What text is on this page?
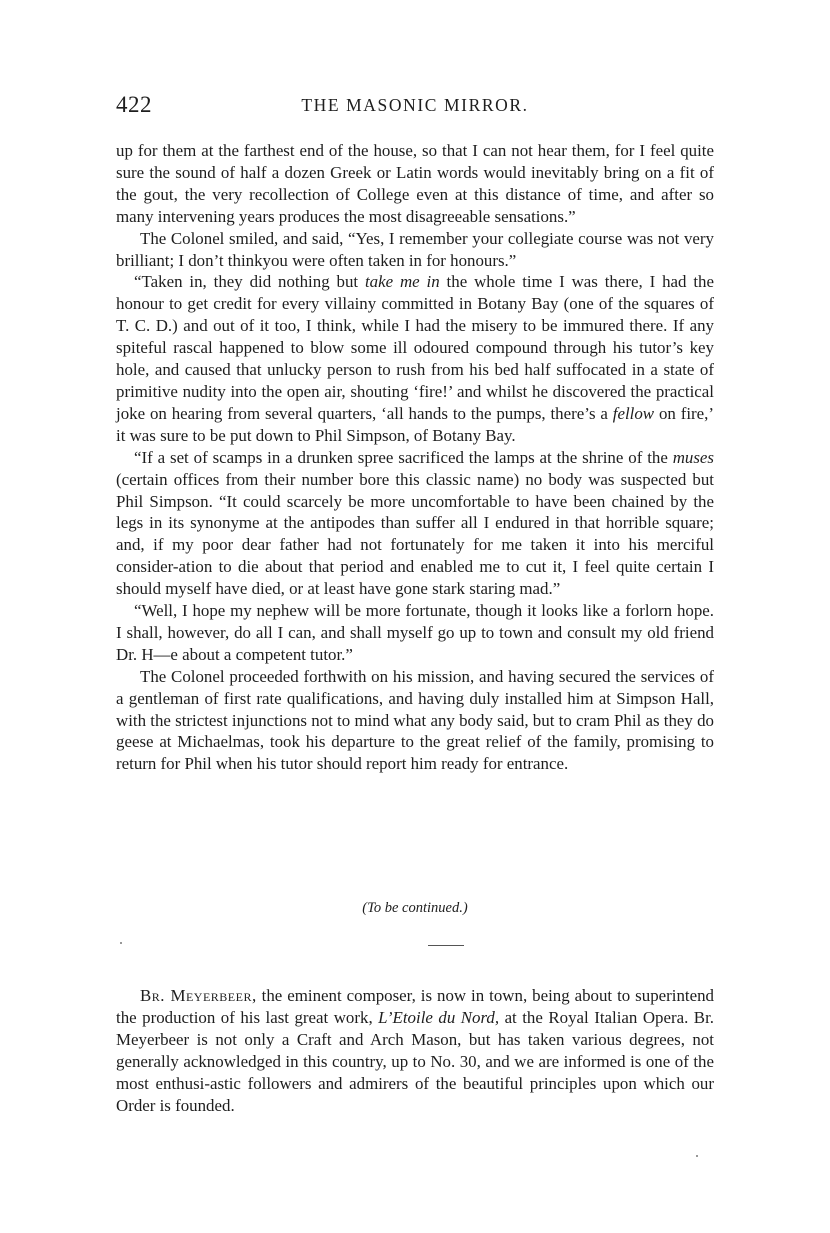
422	THE MASONIC MIRROR.

up for them at the farthest end of the house, so that I can not hear them, for I feel quite sure the sound of half a dozen Greek or Latin words would inevitably bring on a fit of the gout, the very recollection of College even at this distance of time, and after so many intervening years produces the most disagreeable sensations.”

The Colonel smiled, and said, “Yes, I remember your collegiate course was not very brilliant; I don’t thinkyou were often taken in for honours.”

“Taken in, they did nothing but take me in the whole time I was there, I had the honour to get credit for every villainy committed in Botany Bay (one of the squares of T. C. D.) and out of it too, I think, while I had the misery to be immured there. If any spiteful rascal happened to blow some ill odoured compound through his tutor’s key hole, and caused that unlucky person to rush from his bed half suffocated in a state of primitive nudity into the open air, shouting ‘fire!’ and whilst he discovered the practical joke on hearing from several quarters, ‘all hands to the pumps, there’s a fellow on fire,’ it was sure to be put down to Phil Simpson, of Botany Bay.

“If a set of scamps in a drunken spree sacrificed the lamps at the shrine of the muses (certain offices from their number bore this classic name) no body was suspected but Phil Simpson. “It could scarcely be more uncomfortable to have been chained by the legs in its synonyme at the antipodes than suffer all I endured in that horrible square; and, if my poor dear father had not fortunately for me taken it into his merciful consider-ation to die about that period and enabled me to cut it, I feel quite certain I should myself have died, or at least have gone stark staring mad.”

“Well, I hope my nephew will be more fortunate, though it looks like a forlorn hope. I shall, however, do all I can, and shall myself go up to town and consult my old friend Dr. H—e about a competent tutor.”

The Colonel proceeded forthwith on his mission, and having secured the services of a gentleman of first rate qualifications, and having duly installed him at Simpson Hall, with the strictest injunctions not to mind what any body said, but to cram Phil as they do geese at Michaelmas, took his departure to the great relief of the family, promising to return for Phil when his tutor should report him ready for entrance.

(To be continued.)

Br. Meyerbeer, the eminent composer, is now in town, being about to superintend the production of his last great work, L’Etoile du Nord, at the Royal Italian Opera. Br. Meyerbeer is not only a Craft and Arch Mason, but has taken various degrees, not generally acknowledged in this country, up to No. 30, and we are informed is one of the most enthusi-astic followers and admirers of the beautiful principles upon which our Order is founded.
